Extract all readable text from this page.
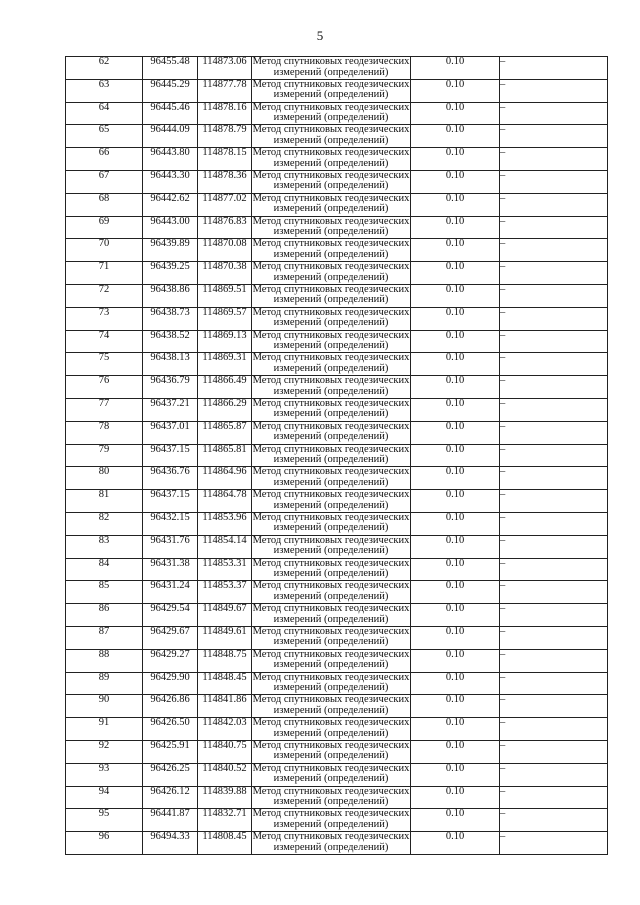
5
62	96455.48	114873.06	Метод спутниковых геодезических измерений (определений)	0.10	–
63	96445.29	114877.78	Метод спутниковых геодезических измерений (определений)	0.10	–
64	96445.46	114878.16	Метод спутниковых геодезических измерений (определений)	0.10	–
65	96444.09	114878.79	Метод спутниковых геодезических измерений (определений)	0.10	–
66	96443.80	114878.15	Метод спутниковых геодезических измерений (определений)	0.10	–
67	96443.30	114878.36	Метод спутниковых геодезических измерений (определений)	0.10	–
68	96442.62	114877.02	Метод спутниковых геодезических измерений (определений)	0.10	–
69	96443.00	114876.83	Метод спутниковых геодезических измерений (определений)	0.10	–
70	96439.89	114870.08	Метод спутниковых геодезических измерений (определений)	0.10	–
71	96439.25	114870.38	Метод спутниковых геодезических измерений (определений)	0.10	–
72	96438.86	114869.51	Метод спутниковых геодезических измерений (определений)	0.10	–
73	96438.73	114869.57	Метод спутниковых геодезических измерений (определений)	0.10	–
74	96438.52	114869.13	Метод спутниковых геодезических измерений (определений)	0.10	–
75	96438.13	114869.31	Метод спутниковых геодезических измерений (определений)	0.10	–
76	96436.79	114866.49	Метод спутниковых геодезических измерений (определений)	0.10	–
77	96437.21	114866.29	Метод спутниковых геодезических измерений (определений)	0.10	–
78	96437.01	114865.87	Метод спутниковых геодезических измерений (определений)	0.10	–
79	96437.15	114865.81	Метод спутниковых геодезических измерений (определений)	0.10	–
80	96436.76	114864.96	Метод спутниковых геодезических измерений (определений)	0.10	–
81	96437.15	114864.78	Метод спутниковых геодезических измерений (определений)	0.10	–
82	96432.15	114853.96	Метод спутниковых геодезических измерений (определений)	0.10	–
83	96431.76	114854.14	Метод спутниковых геодезических измерений (определений)	0.10	–
84	96431.38	114853.31	Метод спутниковых геодезических измерений (определений)	0.10	–
85	96431.24	114853.37	Метод спутниковых геодезических измерений (определений)	0.10	–
86	96429.54	114849.67	Метод спутниковых геодезических измерений (определений)	0.10	–
87	96429.67	114849.61	Метод спутниковых геодезических измерений (определений)	0.10	–
88	96429.27	114848.75	Метод спутниковых геодезических измерений (определений)	0.10	–
89	96429.90	114848.45	Метод спутниковых геодезических измерений (определений)	0.10	–
90	96426.86	114841.86	Метод спутниковых геодезических измерений (определений)	0.10	–
91	96426.50	114842.03	Метод спутниковых геодезических измерений (определений)	0.10	–
92	96425.91	114840.75	Метод спутниковых геодезических измерений (определений)	0.10	–
93	96426.25	114840.52	Метод спутниковых геодезических измерений (определений)	0.10	–
94	96426.12	114839.88	Метод спутниковых геодезических измерений (определений)	0.10	–
95	96441.87	114832.71	Метод спутниковых геодезических измерений (определений)	0.10	–
96	96494.33	114808.45	Метод спутниковых геодезических измерений (определений)	0.10	–
